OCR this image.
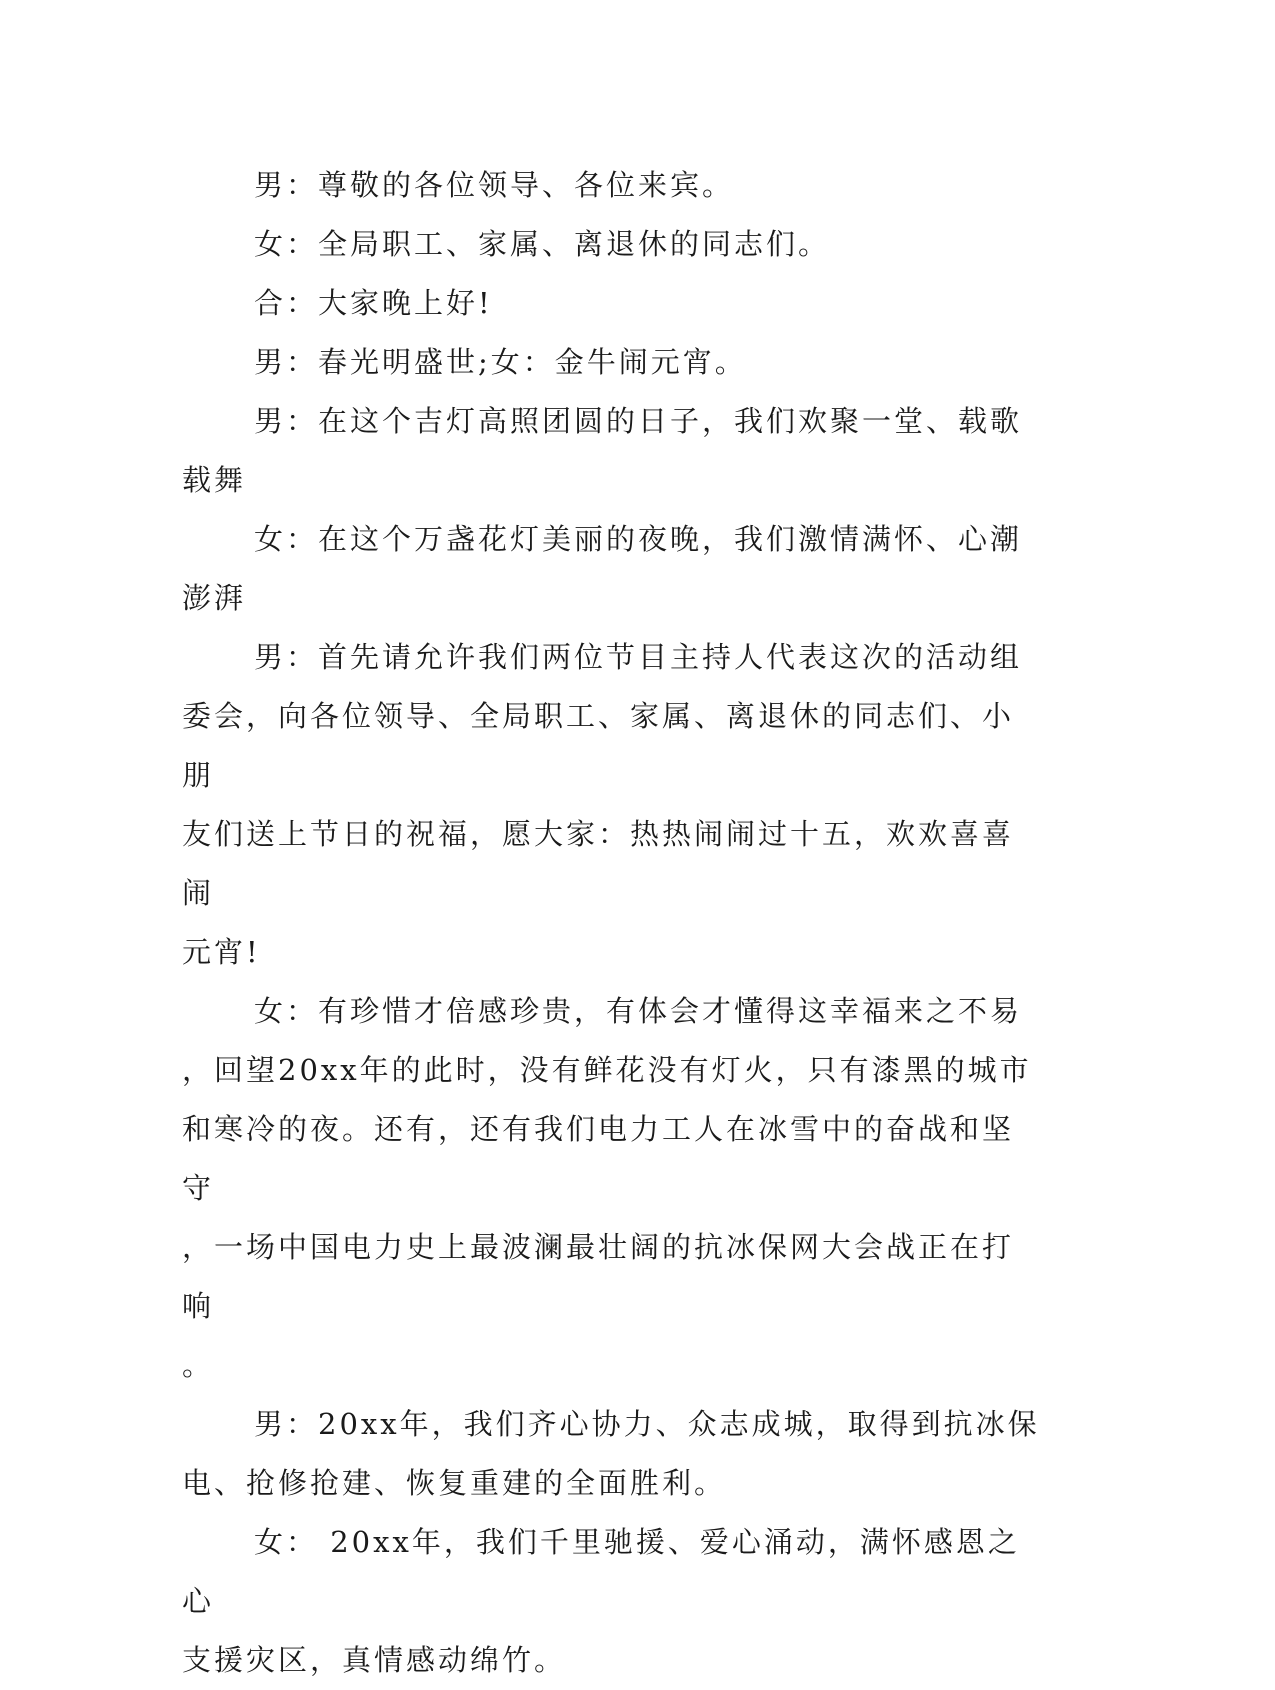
男：尊敬的各位领导、各位来宾。

女：全局职工、家属、离退休的同志们。

合：大家晚上好!

男：春光明盛世;女：金牛闹元宵。

男：在这个吉灯高照团圆的日子，我们欢聚一堂、载歌
载舞

女：在这个万盏花灯美丽的夜晚，我们激情满怀、心潮
澎湃

男：首先请允许我们两位节目主持人代表这次的活动组
委会，向各位领导、全局职工、家属、离退休的同志们、小朋
友们送上节日的祝福，愿大家：热热闹闹过十五，欢欢喜喜闹
元宵!

女：有珍惜才倍感珍贵，有体会才懂得这幸福来之不易
，回望20xx年的此时，没有鲜花没有灯火，只有漆黑的城市
和寒冷的夜。还有，还有我们电力工人在冰雪中的奋战和坚守
，一场中国电力史上最波澜最壮阔的抗冰保网大会战正在打响
。

男：20xx年，我们齐心协力、众志成城，取得到抗冰保
电、抢修抢建、恢复重建的全面胜利。

女： 20xx年，我们千里驰援、爱心涌动，满怀感恩之心
支援灾区，真情感动绵竹。
